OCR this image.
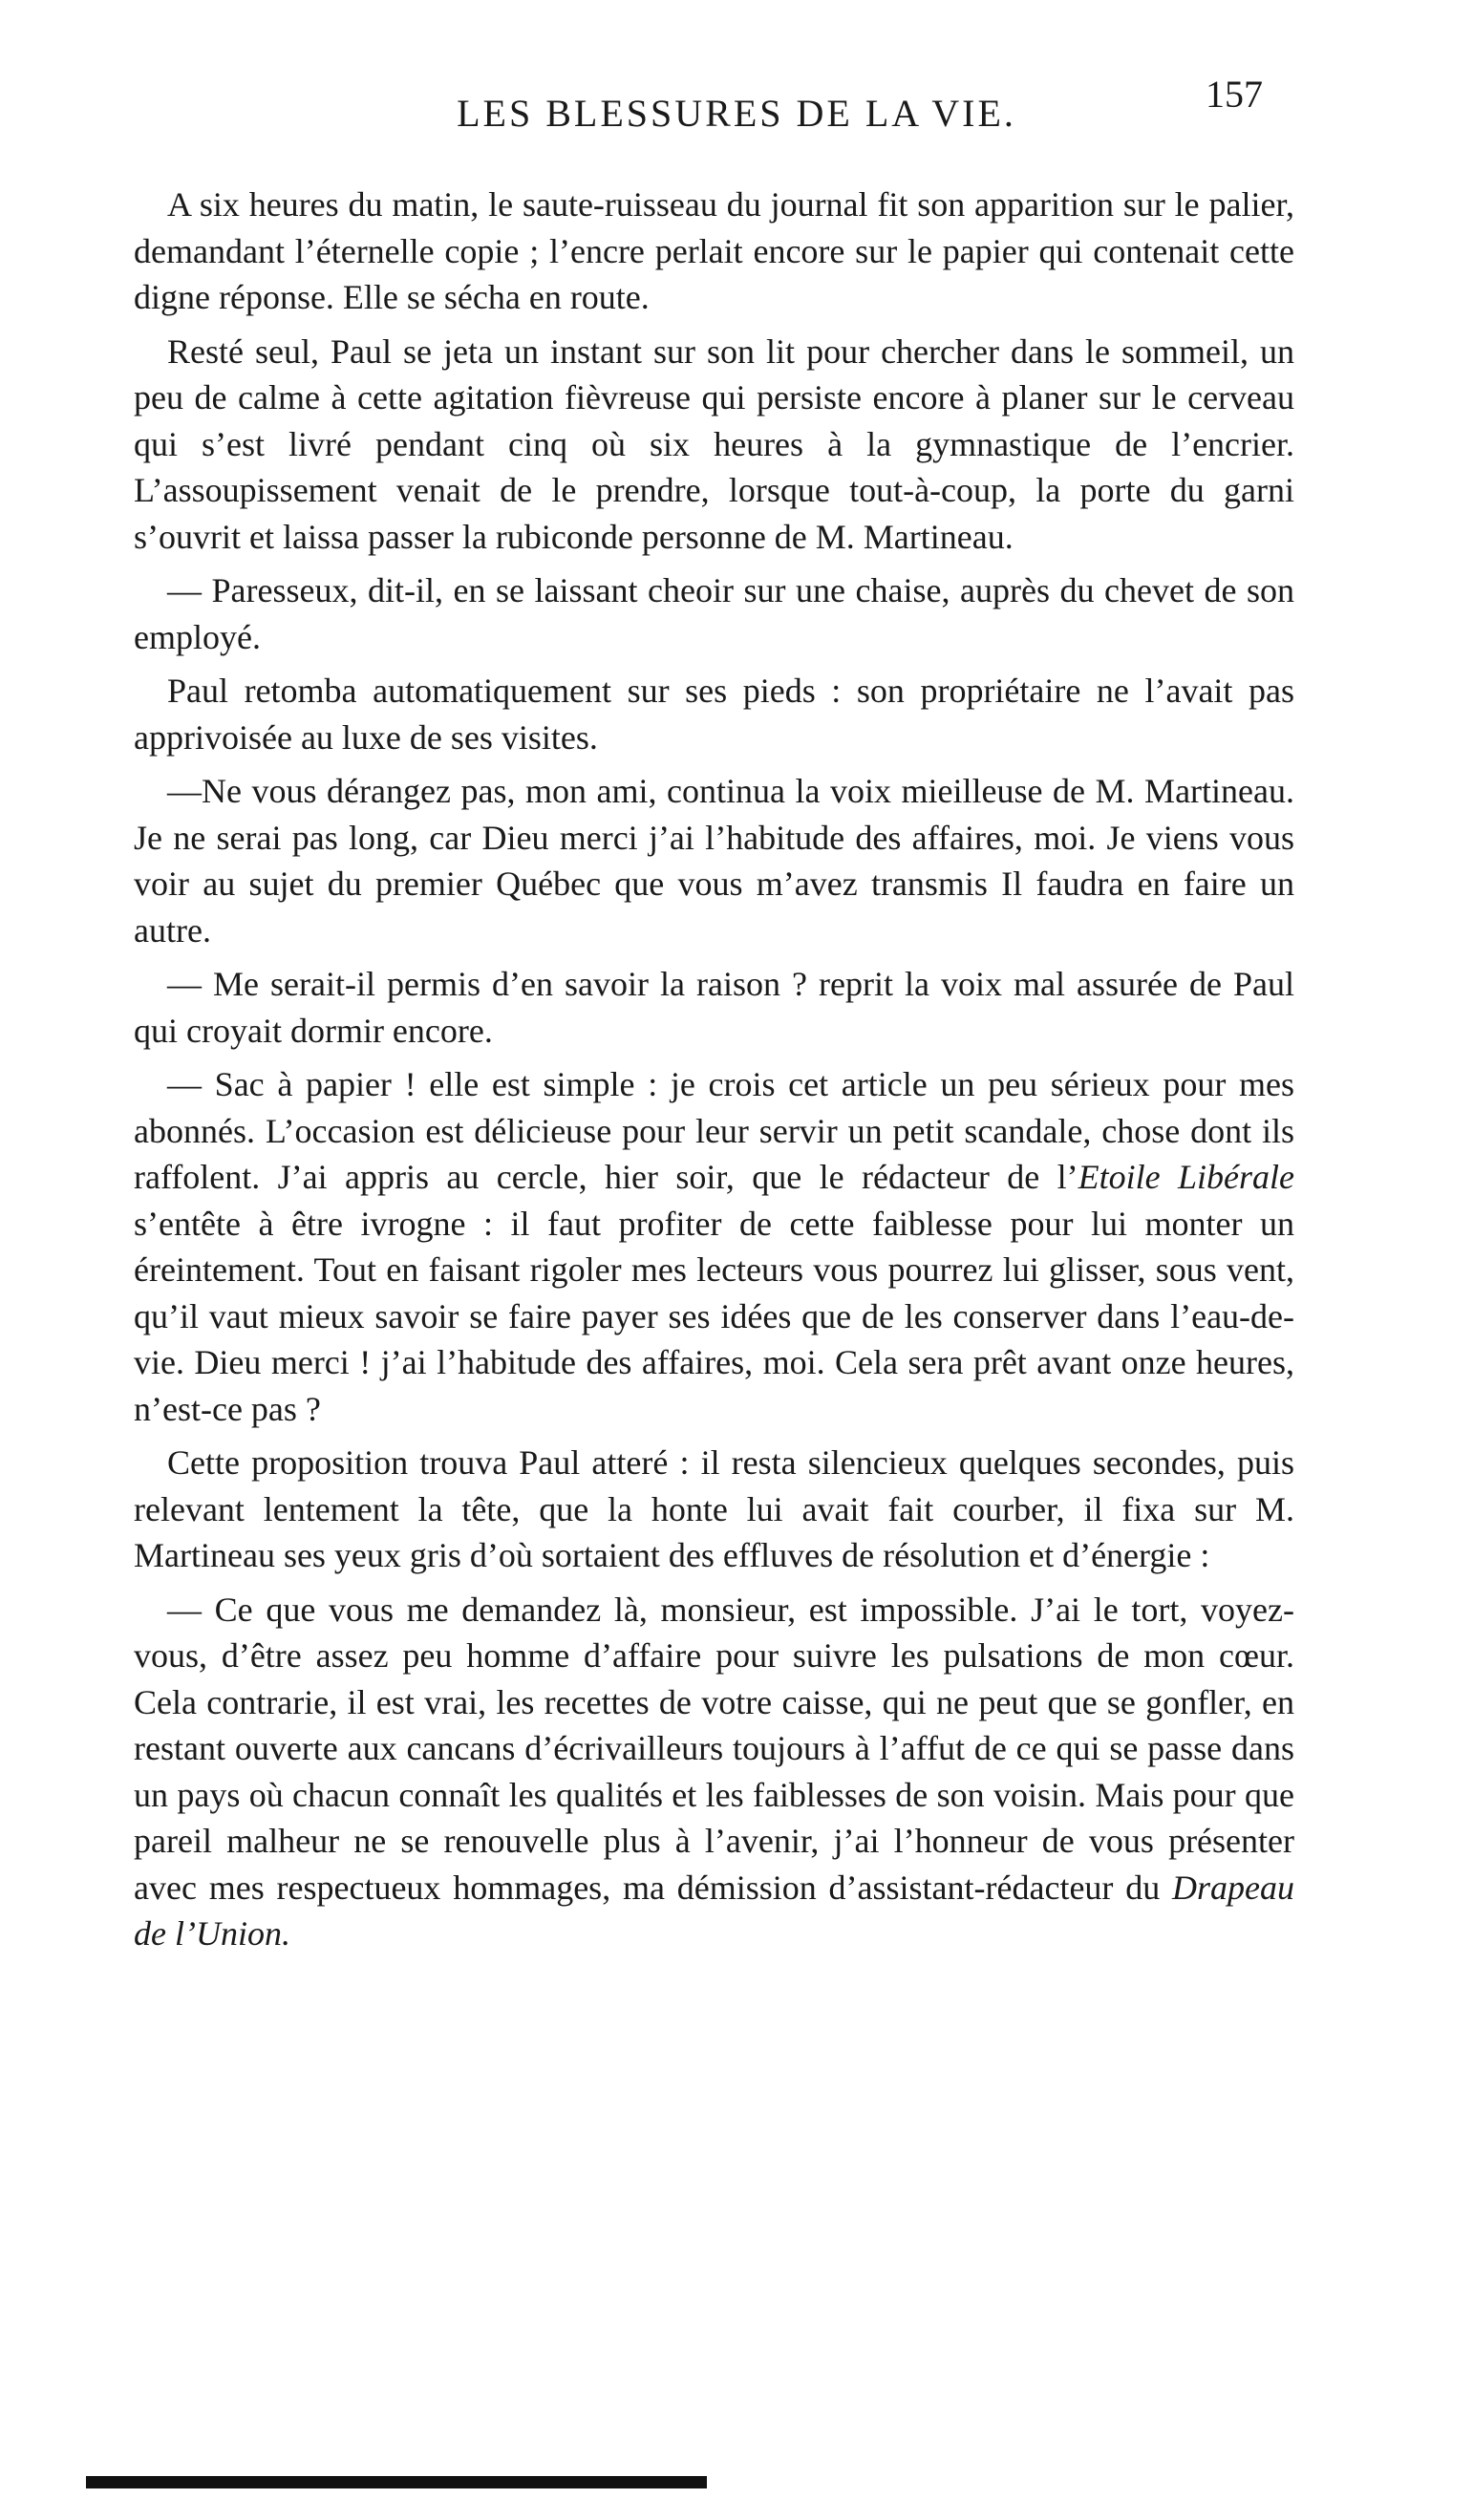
LES BLESSURES DE LA VIE.	157

A six heures du matin, le saute-ruisseau du journal fit son apparition sur le palier, demandant l’éternelle copie ; l’encre perlait encore sur le papier qui contenait cette digne réponse. Elle se sécha en route.

Resté seul, Paul se jeta un instant sur son lit pour chercher dans le sommeil, un peu de calme à cette agitation fièvreuse qui persiste encore à planer sur le cerveau qui s’est livré pendant cinq où six heures à la gymnastique de l’encrier. L’assoupissement venait de le prendre, lorsque tout-à-coup, la porte du garni s’ouvrit et laissa passer la rubiconde personne de M. Martineau.

— Paresseux, dit-il, en se laissant cheoir sur une chaise, auprès du chevet de son employé.

Paul retomba automatiquement sur ses pieds : son propriétaire ne l’avait pas apprivoisée au luxe de ses visites.

—Ne vous dérangez pas, mon ami, continua la voix mieilleuse de M. Martineau. Je ne serai pas long, car Dieu merci j’ai l’habitude des affaires, moi. Je viens vous voir au sujet du premier Québec que vous m’avez transmis Il faudra en faire un autre.

— Me serait-il permis d’en savoir la raison ? reprit la voix mal assurée de Paul qui croyait dormir encore.

— Sac à papier ! elle est simple : je crois cet article un peu sérieux pour mes abonnés. L’occasion est délicieuse pour leur servir un petit scandale, chose dont ils raffolent. J’ai appris au cercle, hier soir, que le rédacteur de l’Etoile Libérale s’entête à être ivrogne : il faut profiter de cette faiblesse pour lui monter un éreintement. Tout en faisant rigoler mes lecteurs vous pourrez lui glisser, sous vent, qu’il vaut mieux savoir se faire payer ses idées que de les conserver dans l’eau-de-vie. Dieu merci ! j’ai l’habitude des affaires, moi. Cela sera prêt avant onze heures, n’est-ce pas ?

Cette proposition trouva Paul atteré : il resta silencieux quelques secondes, puis relevant lentement la tête, que la honte lui avait fait courber, il fixa sur M. Martineau ses yeux gris d’où sortaient des effluves de résolution et d’énergie :

— Ce que vous me demandez là, monsieur, est impossible. J’ai le tort, voyez-vous, d’être assez peu homme d’affaire pour suivre les pulsations de mon cœur. Cela contrarie, il est vrai, les recettes de votre caisse, qui ne peut que se gonfler, en restant ouverte aux cancans d’écrivailleurs toujours à l’affut de ce qui se passe dans un pays où chacun connaît les qualités et les faiblesses de son voisin. Mais pour que pareil malheur ne se renouvelle plus à l’avenir, j’ai l’honneur de vous présenter avec mes respectueux hommages, ma démission d’assistant-rédacteur du Drapeau de l’Union.
